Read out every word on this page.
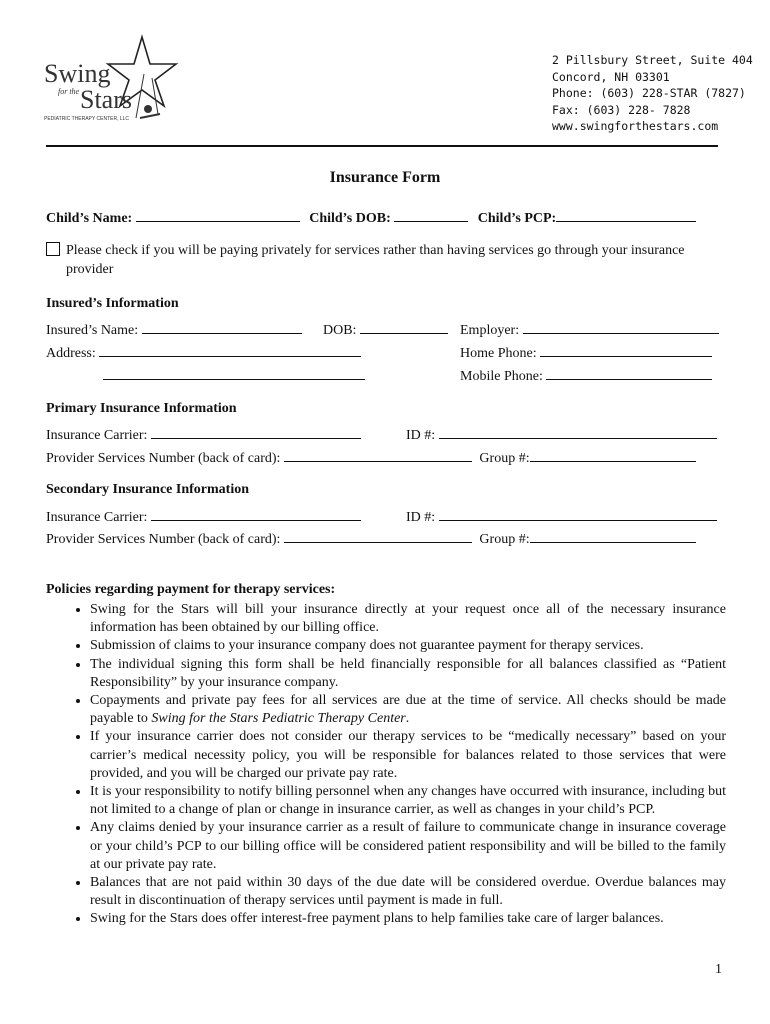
Swing
for the Stars
PEDIATRIC THERAPY CENTER, LLC
2 Pillsbury Street, Suite 404
Concord, NH 03301
Phone: (603) 228-STAR (7827)
Fax: (603) 228- 7828
www.swingforthestars.com
Insurance Form
Child’s Name:	Child’s DOB:	Child’s PCP:
Please check if you will be paying privately for services rather than having services go through your insurance provider
Insured’s Information
Insured’s Name:	DOB:	Employer:
Address:	Home Phone:
Mobile Phone:
Primary Insurance Information
Insurance Carrier:	ID #:
Provider Services Number (back of card):	Group #:
Secondary Insurance Information
Insurance Carrier:	ID #:
Provider Services Number (back of card):	Group #:
Policies regarding payment for therapy services:
• Swing for the Stars will bill your insurance directly at your request once all of the necessary insurance information has been obtained by our billing office.
• Submission of claims to your insurance company does not guarantee payment for therapy services.
• The individual signing this form shall be held financially responsible for all balances classified as “Patient Responsibility” by your insurance company.
• Copayments and private pay fees for all services are due at the time of service. All checks should be made payable to Swing for the Stars Pediatric Therapy Center.
• If your insurance carrier does not consider our therapy services to be “medically necessary” based on your carrier’s medical necessity policy, you will be responsible for balances related to those services that were provided, and you will be charged our private pay rate.
• It is your responsibility to notify billing personnel when any changes have occurred with insurance, including but not limited to a change of plan or change in insurance carrier, as well as changes in your child’s PCP.
• Any claims denied by your insurance carrier as a result of failure to communicate change in insurance coverage or your child’s PCP to our billing office will be considered patient responsibility and will be billed to the family at our private pay rate.
• Balances that are not paid within 30 days of the due date will be considered overdue. Overdue balances may result in discontinuation of therapy services until payment is made in full.
• Swing for the Stars does offer interest-free payment plans to help families take care of larger balances.
1
